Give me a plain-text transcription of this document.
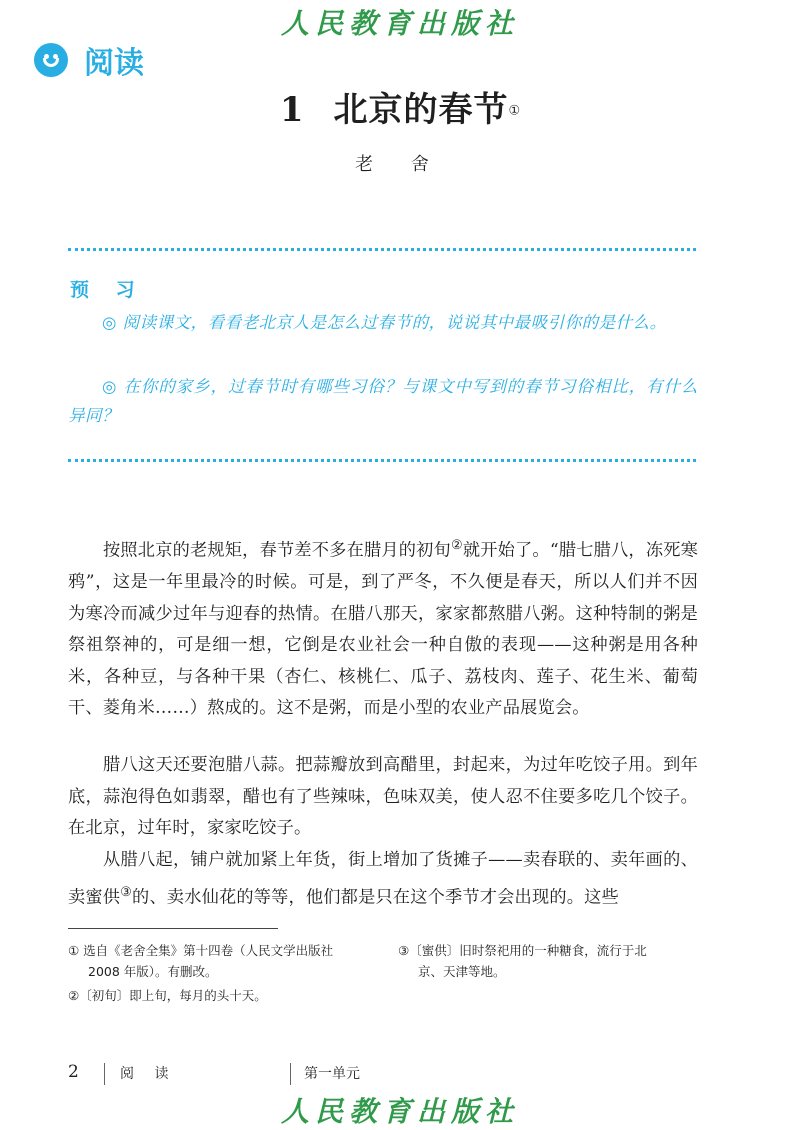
人民教育出版社
阅读
1 北京的春节①
老 舍
预 习
◎ 阅读课文，看看老北京人是怎么过春节的，说说其中最吸引你的是什么。
◎ 在你的家乡，过春节时有哪些习俗？与课文中写到的春节习俗相比，有什么异同？
按照北京的老规矩，春节差不多在腊月的初旬②就开始了。“腊七腊八，冻死寒鸦”，这是一年里最冷的时候。可是，到了严冬，不久便是春天，所以人们并不因为寒冷而减少过年与迎春的热情。在腊八那天，家家都熬腊八粥。这种特制的粥是祭祖祭神的，可是细一想，它倒是农业社会一种自傲的表现——这种粥是用各种米，各种豆，与各种干果（杏仁、核桃仁、瓜子、荔枝肉、莲子、花生米、葡萄干、菱角米……）熬成的。这不是粥，而是小型的农业产品展览会。
腊八这天还要泡腊八蒜。把蒜瓣放到高醋里，封起来，为过年吃饺子用。到年底，蒜泡得色如翡翠，醋也有了些辣味，色味双美，使人忍不住要多吃几个饺子。在北京，过年时，家家吃饺子。
从腊八起，铺户就加紧上年货，街上增加了货摊子——卖春联的、卖年画的、卖蜜供③的、卖水仙花的等等，他们都是只在这个季节才会出现的。这些
① 选自《老舍全集》第十四卷（人民文学出版社
2008 年版）。有删改。
②〔初旬〕即上旬，每月的头十天。
③〔蜜供〕旧时祭祀用的一种糖食，流行于北
京、天津等地。
2	阅 读	第一单元
人民教育出版社
